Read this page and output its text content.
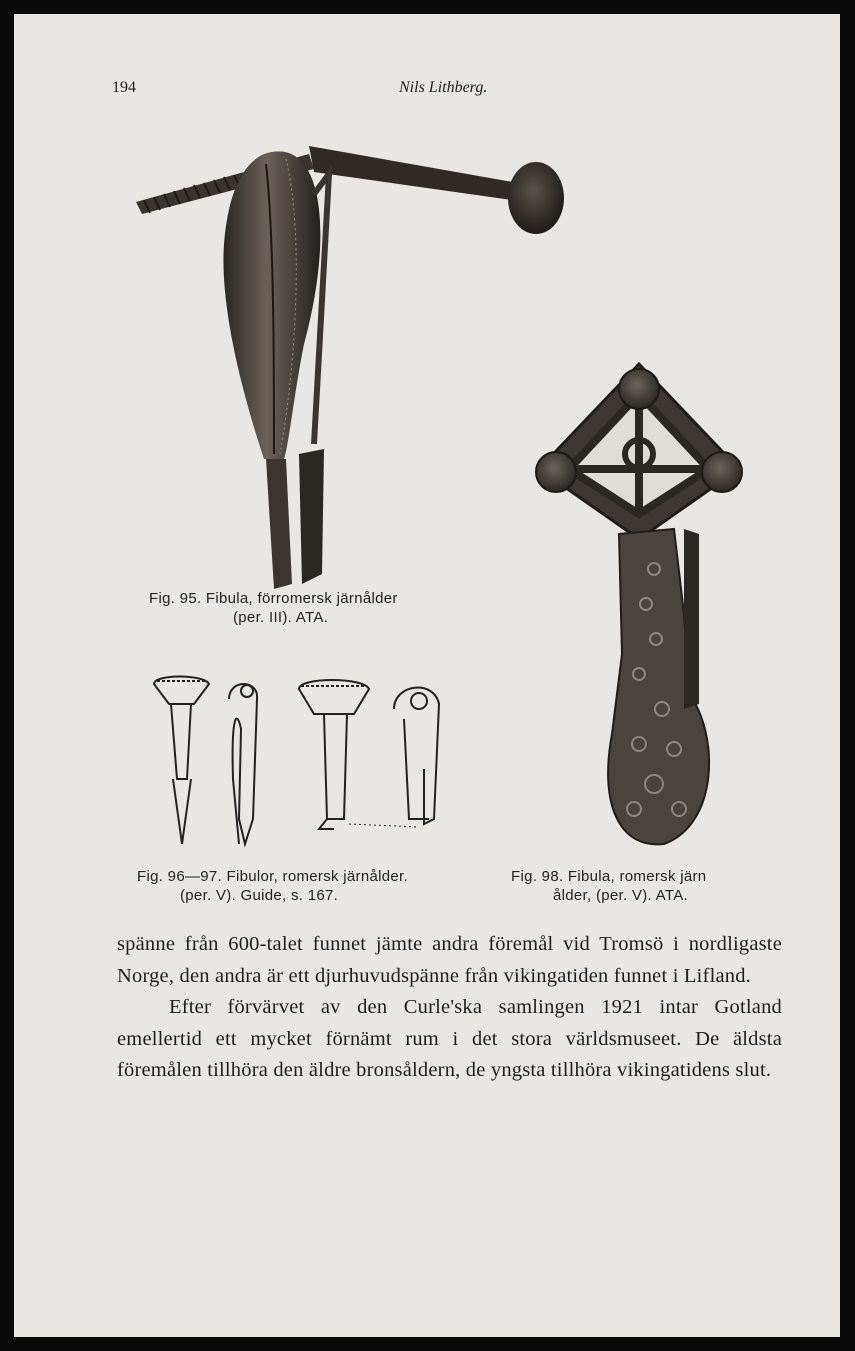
194	Nils Lithberg.
Fig. 95. Fibula, förromersk järnålder
(per. III). ATA.
Fig. 96—97. Fibulor, romersk järnålder.
(per. V). Guide, s. 167.
Fig. 98. Fibula, romersk järn
ålder, (per. V). ATA.

spänne från 600-talet funnet jämte andra föremål vid Tromsö i nordligaste Norge, den andra är ett djurhuvudspänne från vikingatiden funnet i Lifland.

Efter förvärvet av den Curle'ska samlingen 1921 intar Gotland emellertid ett mycket förnämt rum i det stora världsmuseet. De äldsta föremålen tillhöra den äldre bronsåldern, de yngsta tillhöra vikingatidens slut.
